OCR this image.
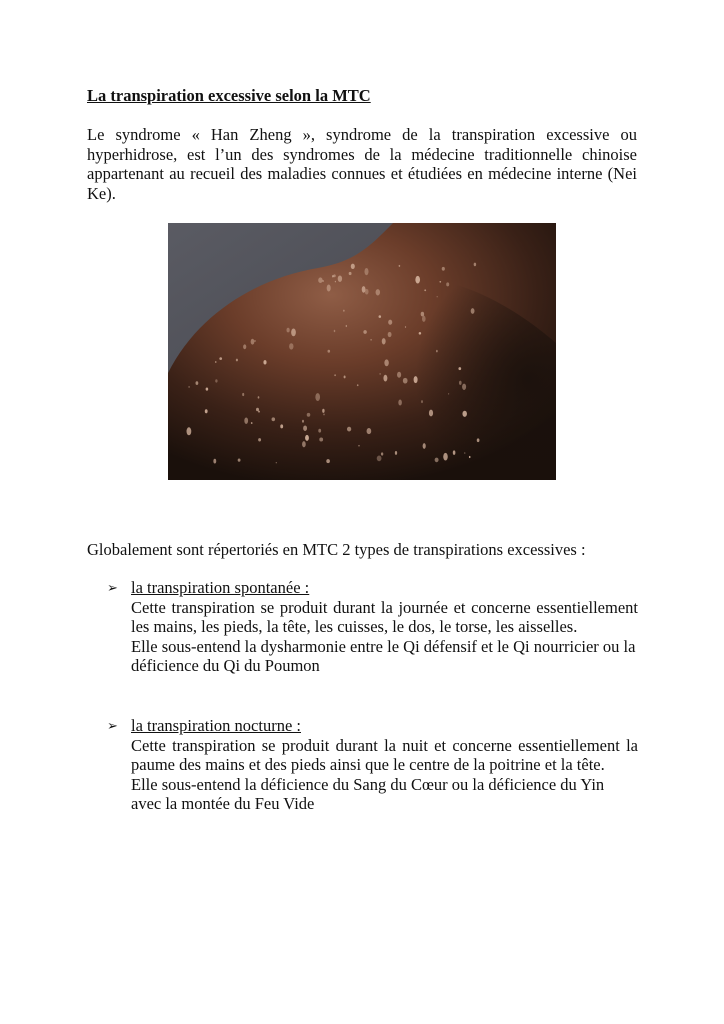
La transpiration excessive selon la MTC

Le syndrome « Han Zheng », syndrome de la transpiration excessive ou hyperhidrose, est l’un des syndromes de la médecine traditionnelle chinoise appartenant au recueil des maladies connues et étudiées en médecine interne (Nei Ke).

Globalement sont répertoriés en MTC 2 types de transpirations excessives :

➢ la transpiration spontanée :

Cette transpiration se produit durant la journée et concerne essentiellement les mains, les pieds, la tête, les cuisses, le dos, le torse, les aisselles.

Elle sous-entend la dysharmonie entre le Qi défensif et le Qi nourricier ou la déficience du Qi du Poumon

➢ la transpiration nocturne :

Cette transpiration se produit durant la nuit et concerne essentiellement la paume des mains et des pieds ainsi que le centre de la poitrine et la tête.

Elle sous-entend la déficience du Sang du Cœur ou la déficience du Yin avec la montée du Feu Vide
